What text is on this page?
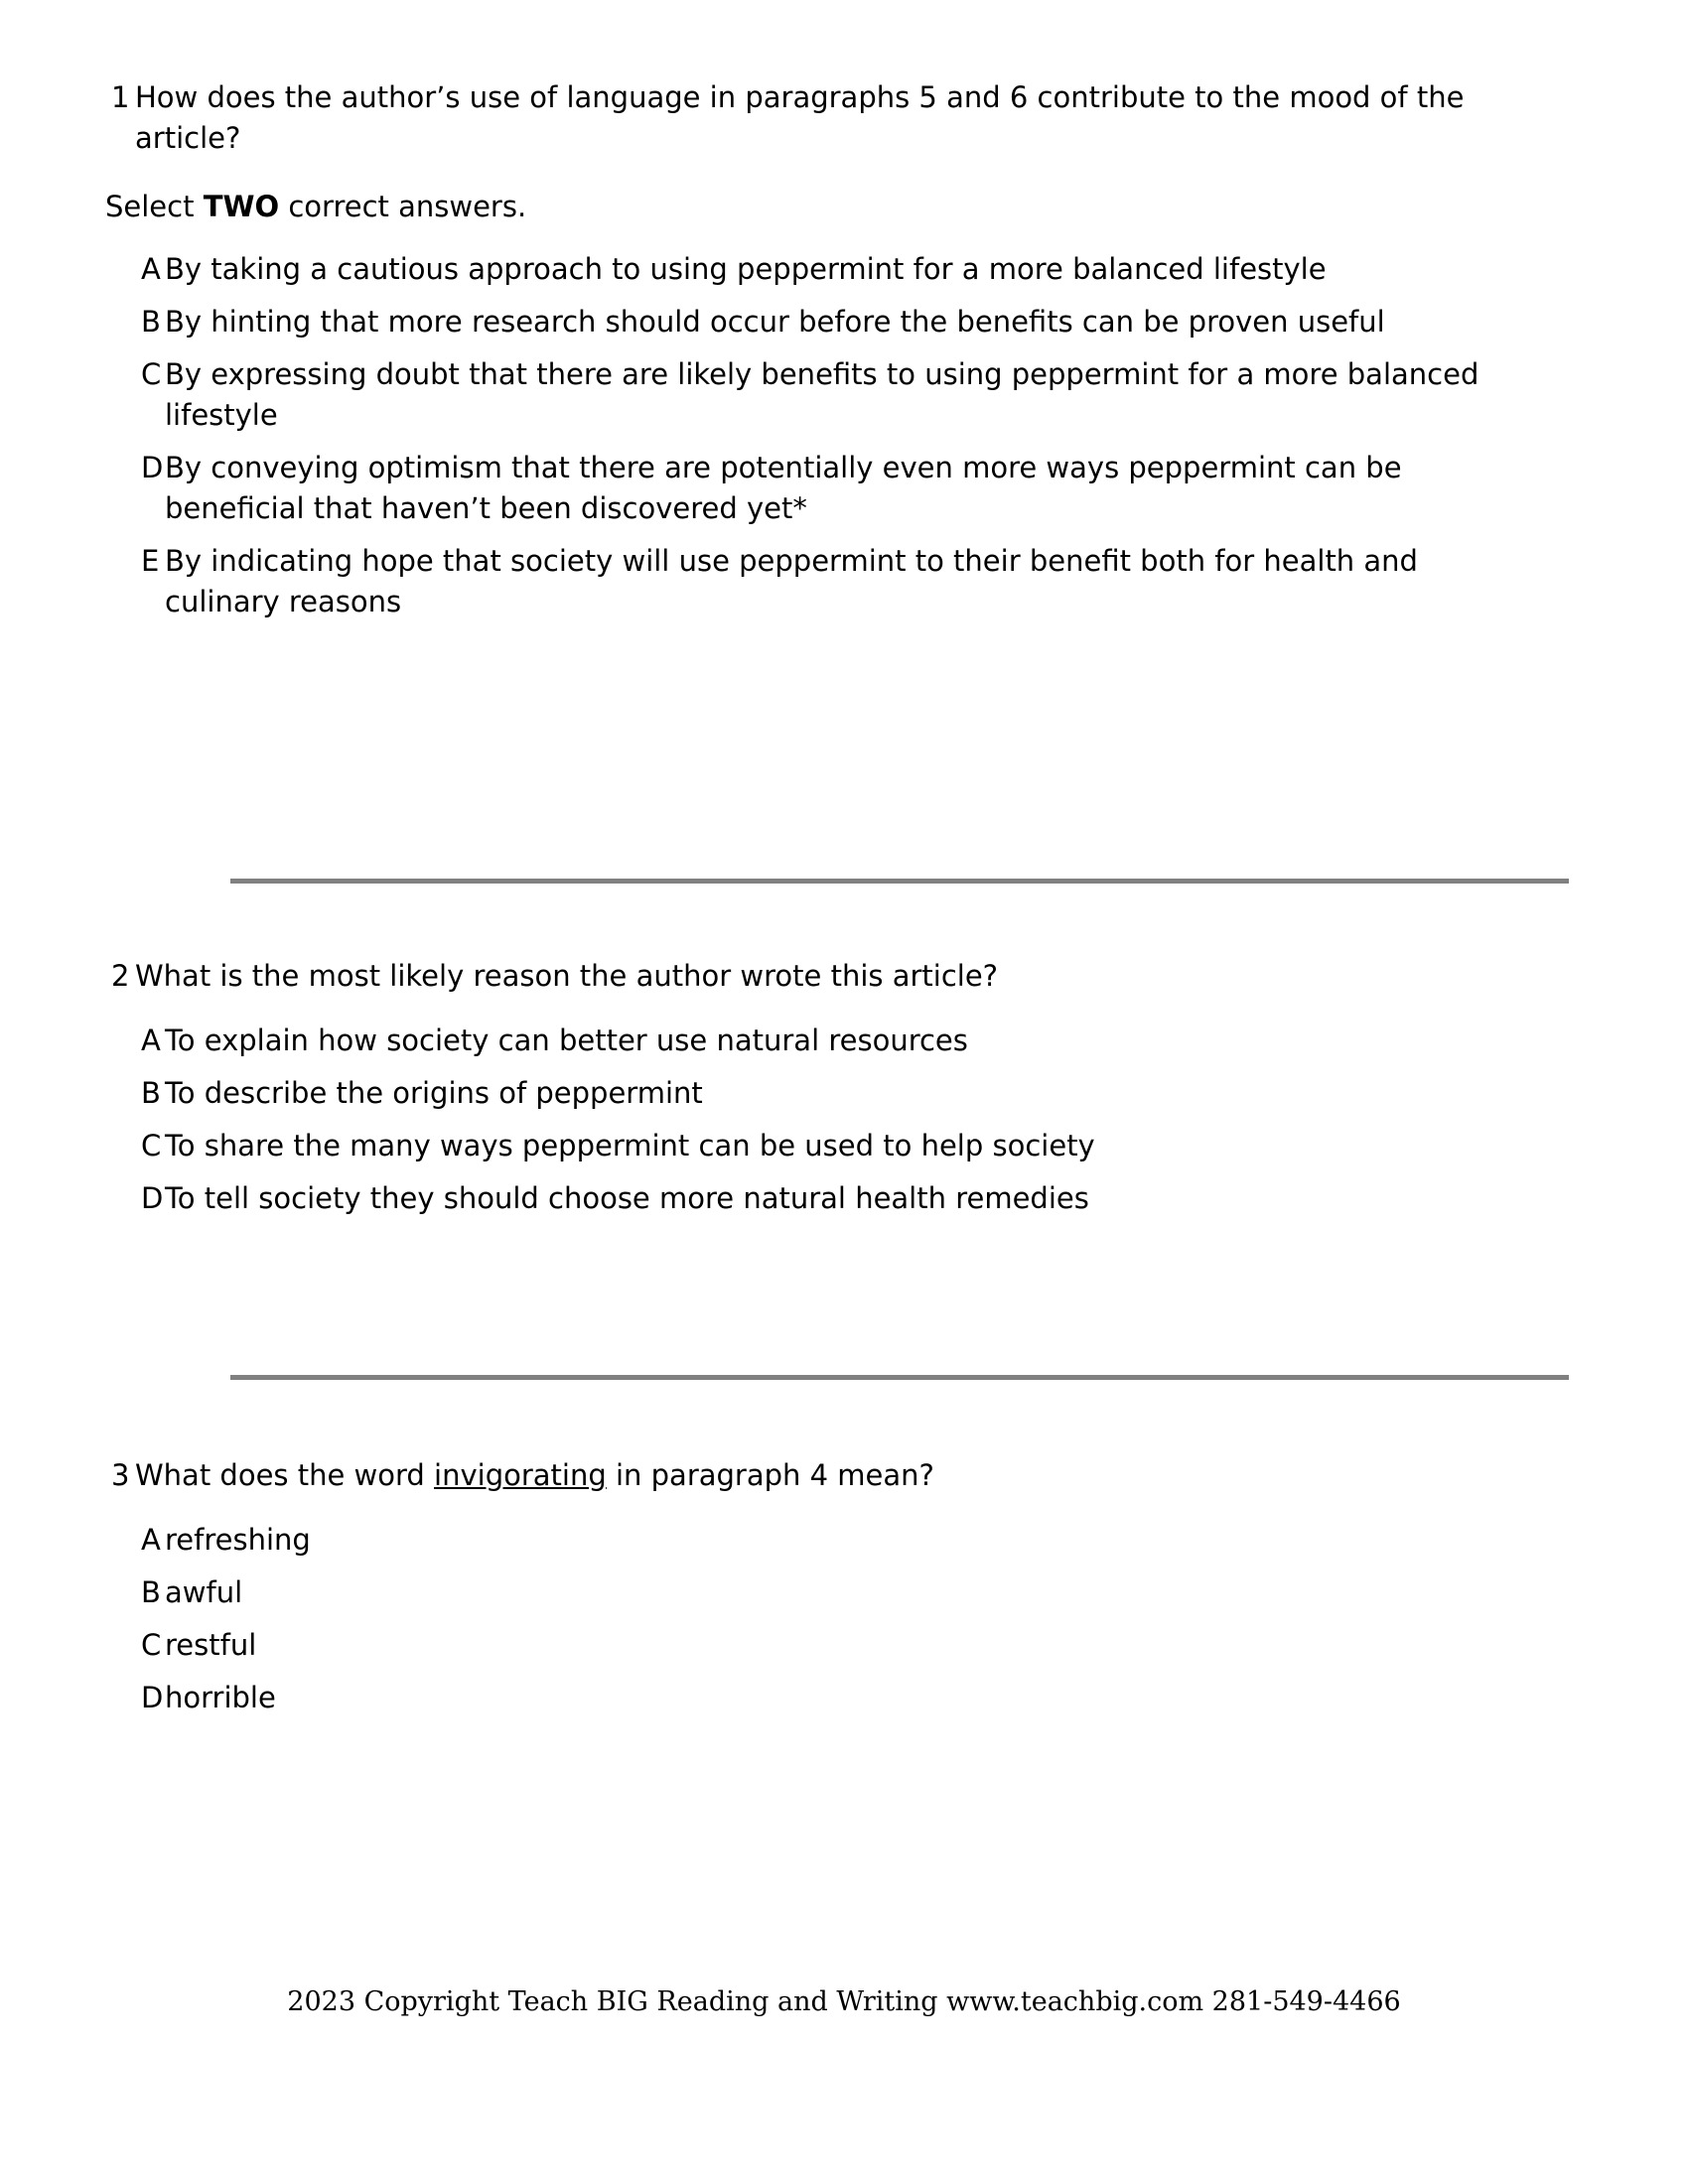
1 How does the author’s use of language in paragraphs 5 and 6 contribute to the mood of the article?
Select TWO correct answers.
A By taking a cautious approach to using peppermint for a more balanced lifestyle
B By hinting that more research should occur before the benefits can be proven useful
C By expressing doubt that there are likely benefits to using peppermint for a more balanced lifestyle
D By conveying optimism that there are potentially even more ways peppermint can be beneficial that haven’t been discovered yet*
E By indicating hope that society will use peppermint to their benefit both for health and culinary reasons
2 What is the most likely reason the author wrote this article?
A To explain how society can better use natural resources
B To describe the origins of peppermint
C To share the many ways peppermint can be used to help society
D To tell society they should choose more natural health remedies
3 What does the word invigorating in paragraph 4 mean?
A refreshing
B awful
C restful
D horrible
2023 Copyright Teach BIG Reading and Writing www.teachbig.com 281-549-4466
